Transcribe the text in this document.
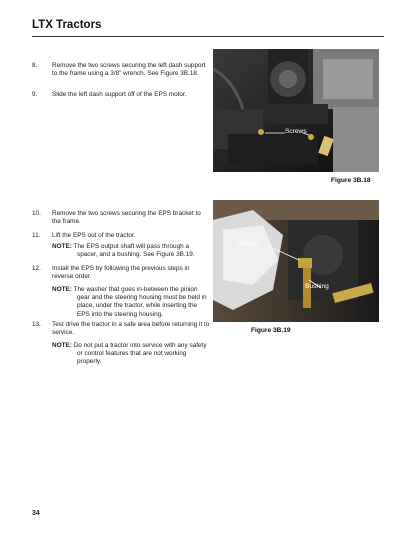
LTX Tractors
8.	Remove the two screws securing the left dash support to the frame using a 3/8” wrench. See Figure 3B.18.
9.	Slide the left dash support off of the EPS motor.
10.	Remove the two screws securing the EPS bracket to the frame.
11.	Lift the EPS out of the tractor.
NOTE: The EPS output shaft will pass through a spacer, and a bushing. See Figure 3B.19.
12.	Install the EPS by following the previous steps in reverse order.
NOTE: The washer that goes in-between the pinion gear and the steering housing must be held in place, under the tractor, while inserting the EPS into the steering housing.
13.	Test drive the tractor in a safe area before returning it to service.
NOTE: Do not put a tractor into service with any safety or control features that are not working properly.
Screws
Figure 3B.18
Spacer
Bushing
Figure 3B.19
34
